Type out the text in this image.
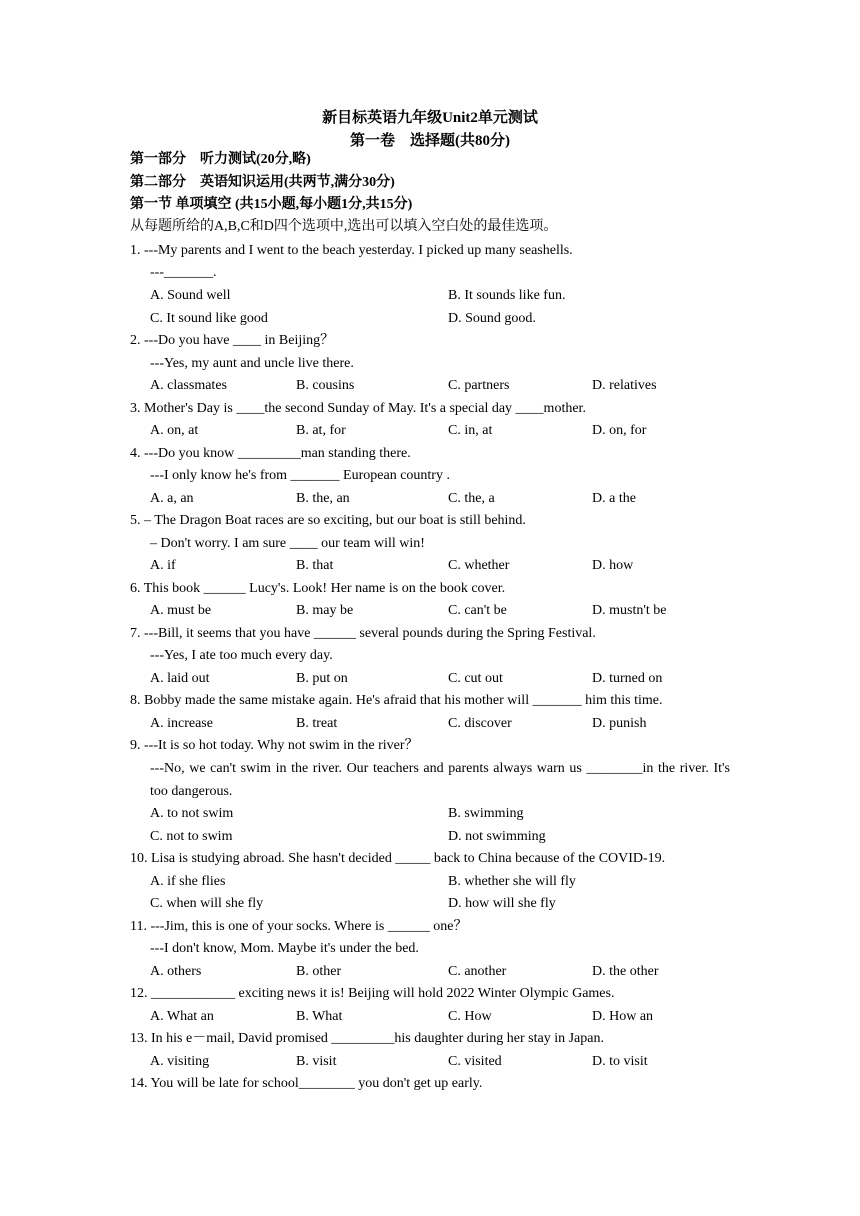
新目标英语九年级Unit2单元测试
第一卷　选择题(共80分)
第一部分　听力测试(20分,略)
第二部分　英语知识运用(共两节,满分30分)
第一节 单项填空 (共15小题,每小题1分,共15分)
从每题所给的A,B,C和D四个选项中,选出可以填入空白处的最佳选项。
1. ---My parents and I went to the beach yesterday. I picked up many seashells.
---_______.
A. Sound well	B. It sounds like fun.
C. It sound like good	D. Sound good.
2. ---Do you have ____ in Beijing？
---Yes, my aunt and uncle live there.
A. classmates	B. cousins	C. partners	D. relatives
3. Mother's Day is ____the second Sunday of May. It's a special day ____mother.
A. on, at	B. at, for	C. in, at	D. on, for
4. ---Do you know _________man standing there.
---I only know he's from _______ European country .
A. a, an	B. the, an	C. the, a	D. a the
5. – The Dragon Boat races are so exciting, but our boat is still behind.
– Don't worry. I am sure ____ our team will win!
A. if	B. that	C. whether	D. how
6. This book ______ Lucy's. Look! Her name is on the book cover.
A. must be	B. may be	C. can't be	D. mustn't be
7. ---Bill, it seems that you have ______ several pounds during the Spring Festival.
---Yes, I ate too much every day.
A. laid out	B. put on	C. cut out	D. turned on
8. Bobby made the same mistake again. He's afraid that his mother will _______ him this time.
A. increase	B. treat	C. discover	D. punish
9. ---It is so hot today. Why not swim in the river？
---No, we can't swim in the river. Our teachers and parents always warn us ________in the river. It's too dangerous.
A. to not swim	B. swimming
C. not to swim	D. not swimming
10. Lisa is studying abroad. She hasn't decided _____ back to China because of the COVID-19.
A. if she flies	B. whether she will fly
C. when will she fly	D. how will she fly
11. ---Jim, this is one of your socks. Where is ______ one？
---I don't know, Mom. Maybe it's under the bed.
A. others	B. other	C. another	D. the other
12. ____________ exciting news it is! Beijing will hold 2022 Winter Olympic Games.
A. What an	B. What	C. How	D. How an
13. In his e－mail, David promised _________his daughter during her stay in Japan.
A. visiting	B. visit	C. visited	D. to visit
14. You will be late for school________ you don't get up early.
